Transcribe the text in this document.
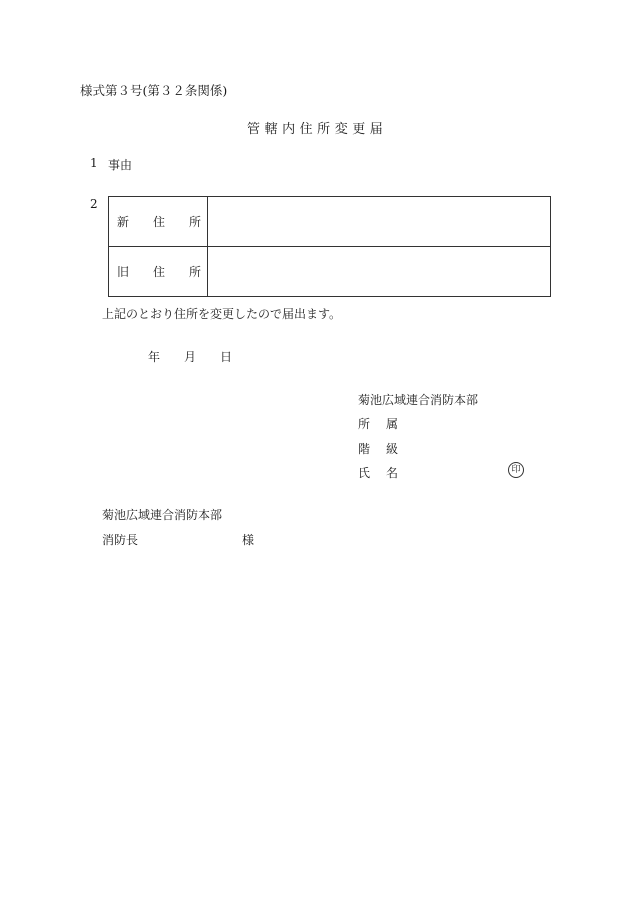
様式第３号(第３２条関係)
管 轄 内 住 所 変 更 届
1 事由
2
新 住 所	

旧 住 所	

上記のとおり住所を変更したので届出ます。
年 月 日
菊池広域連合消防本部
所 属
階 級
氏 名	印
菊池広域連合消防本部
消防長	様
